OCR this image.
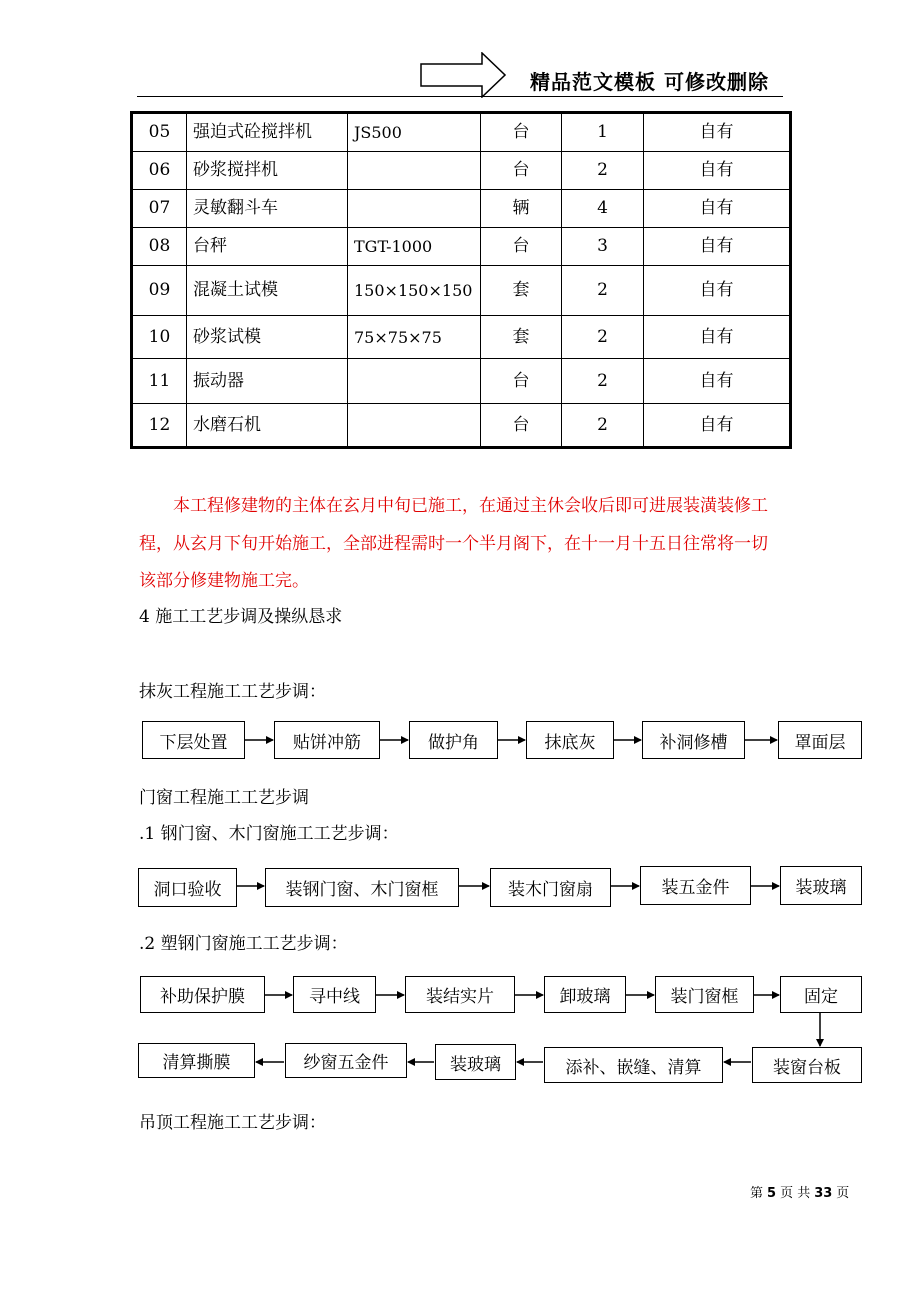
精品范文模板 可修改删除
05	强迫式砼搅拌机	JS500	台	1	自有
06	砂浆搅拌机		台	2	自有
07	灵敏翻斗车		辆	4	自有
08	台秤	TGT-1000	台	3	自有
09	混凝土试模	150×150×150	套	2	自有
10	砂浆试模	75×75×75	套	2	自有
11	振动器		台	2	自有
12	水磨石机		台	2	自有
本工程修建物的主体在玄月中旬已施工，在通过主休会收后即可进展装潢装修工程，从玄月下旬开始施工，全部进程需时一个半月阁下，在十一月十五日往常将一切该部分修建物施工完。
4 施工工艺步调及操纵恳求
抹灰工程施工工艺步调：
下层处置	贴饼冲筋	做护角	抹底灰	补洞修槽	罩面层
门窗工程施工工艺步调
.1 钢门窗、木门窗施工工艺步调：
洞口验收	装钢门窗、木门窗框	装木门窗扇	装五金件	装玻璃
.2 塑钢门窗施工工艺步调：
补助保护膜	寻中线	装结实片	卸玻璃	装门窗框	固定
清算撕膜	纱窗五金件	装玻璃	添补、嵌缝、清算	装窗台板
吊顶工程施工工艺步调：
第 5 页 共 33 页
